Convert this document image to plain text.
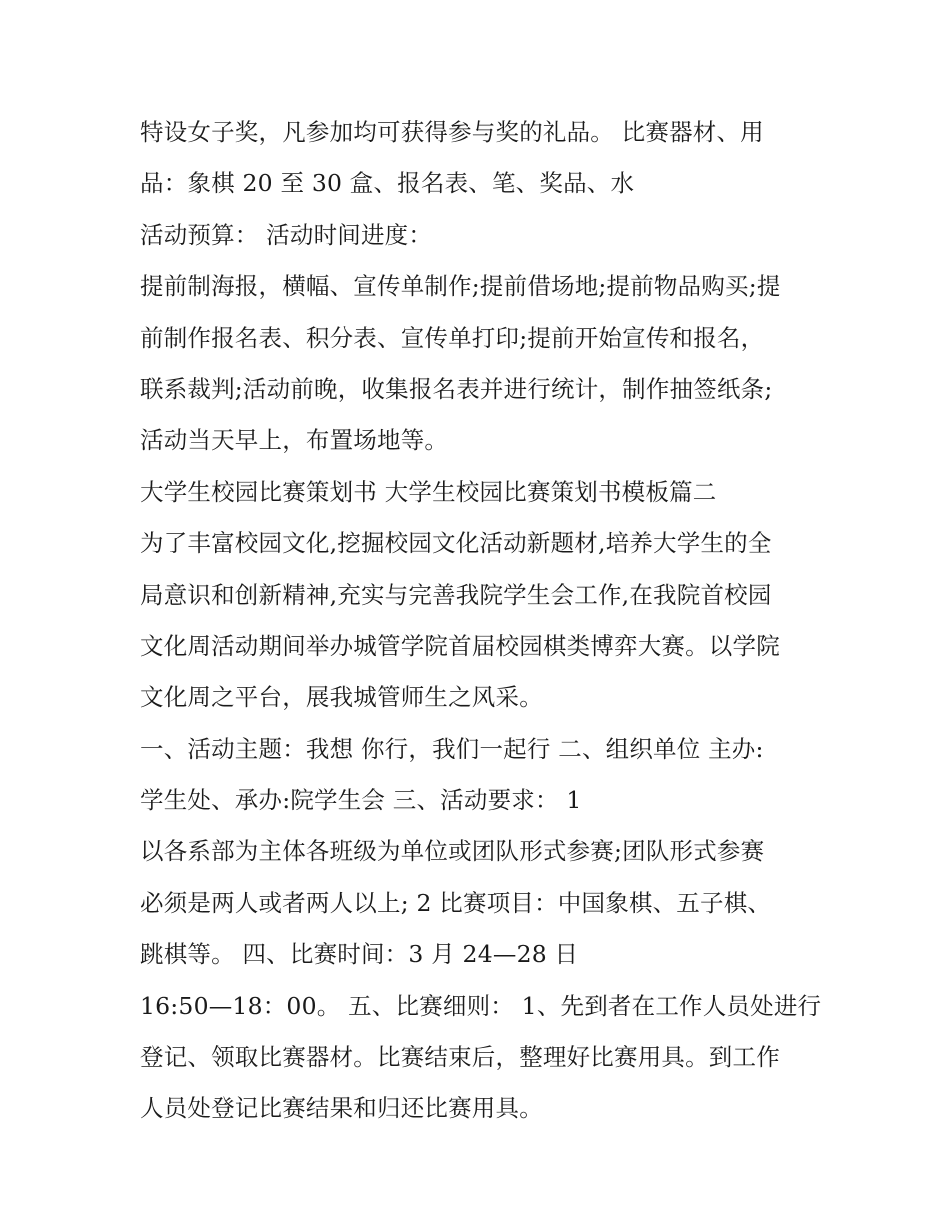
特设女子奖，凡参加均可获得参与奖的礼品。 比赛器材、用
品：象棋 20 至 30 盒、报名表、笔、奖品、水
活动预算： 活动时间进度：
提前制海报，横幅、宣传单制作;提前借场地;提前物品购买;提
前制作报名表、积分表、宣传单打印;提前开始宣传和报名，
联系裁判;活动前晚，收集报名表并进行统计，制作抽签纸条;
活动当天早上，布置场地等。
大学生校园比赛策划书 大学生校园比赛策划书模板篇二
为了丰富校园文化,挖掘校园文化活动新题材,培养大学生的全
局意识和创新精神,充实与完善我院学生会工作,在我院首校园
文化周活动期间举办城管学院首届校园棋类博弈大赛。以学院
文化周之平台，展我城管师生之风采。
一、活动主题：我想 你行，我们一起行 二、组织单位 主办:
学生处、承办:院学生会 三、活动要求： 1
以各系部为主体各班级为单位或团队形式参赛;团队形式参赛
必须是两人或者两人以上; 2 比赛项目：中国象棋、五子棋、
跳棋等。 四、比赛时间：3 月 24—28 日
16:50—18：00。 五、比赛细则： 1、先到者在工作人员处进行
登记、领取比赛器材。比赛结束后，整理好比赛用具。到工作
人员处登记比赛结果和归还比赛用具。
